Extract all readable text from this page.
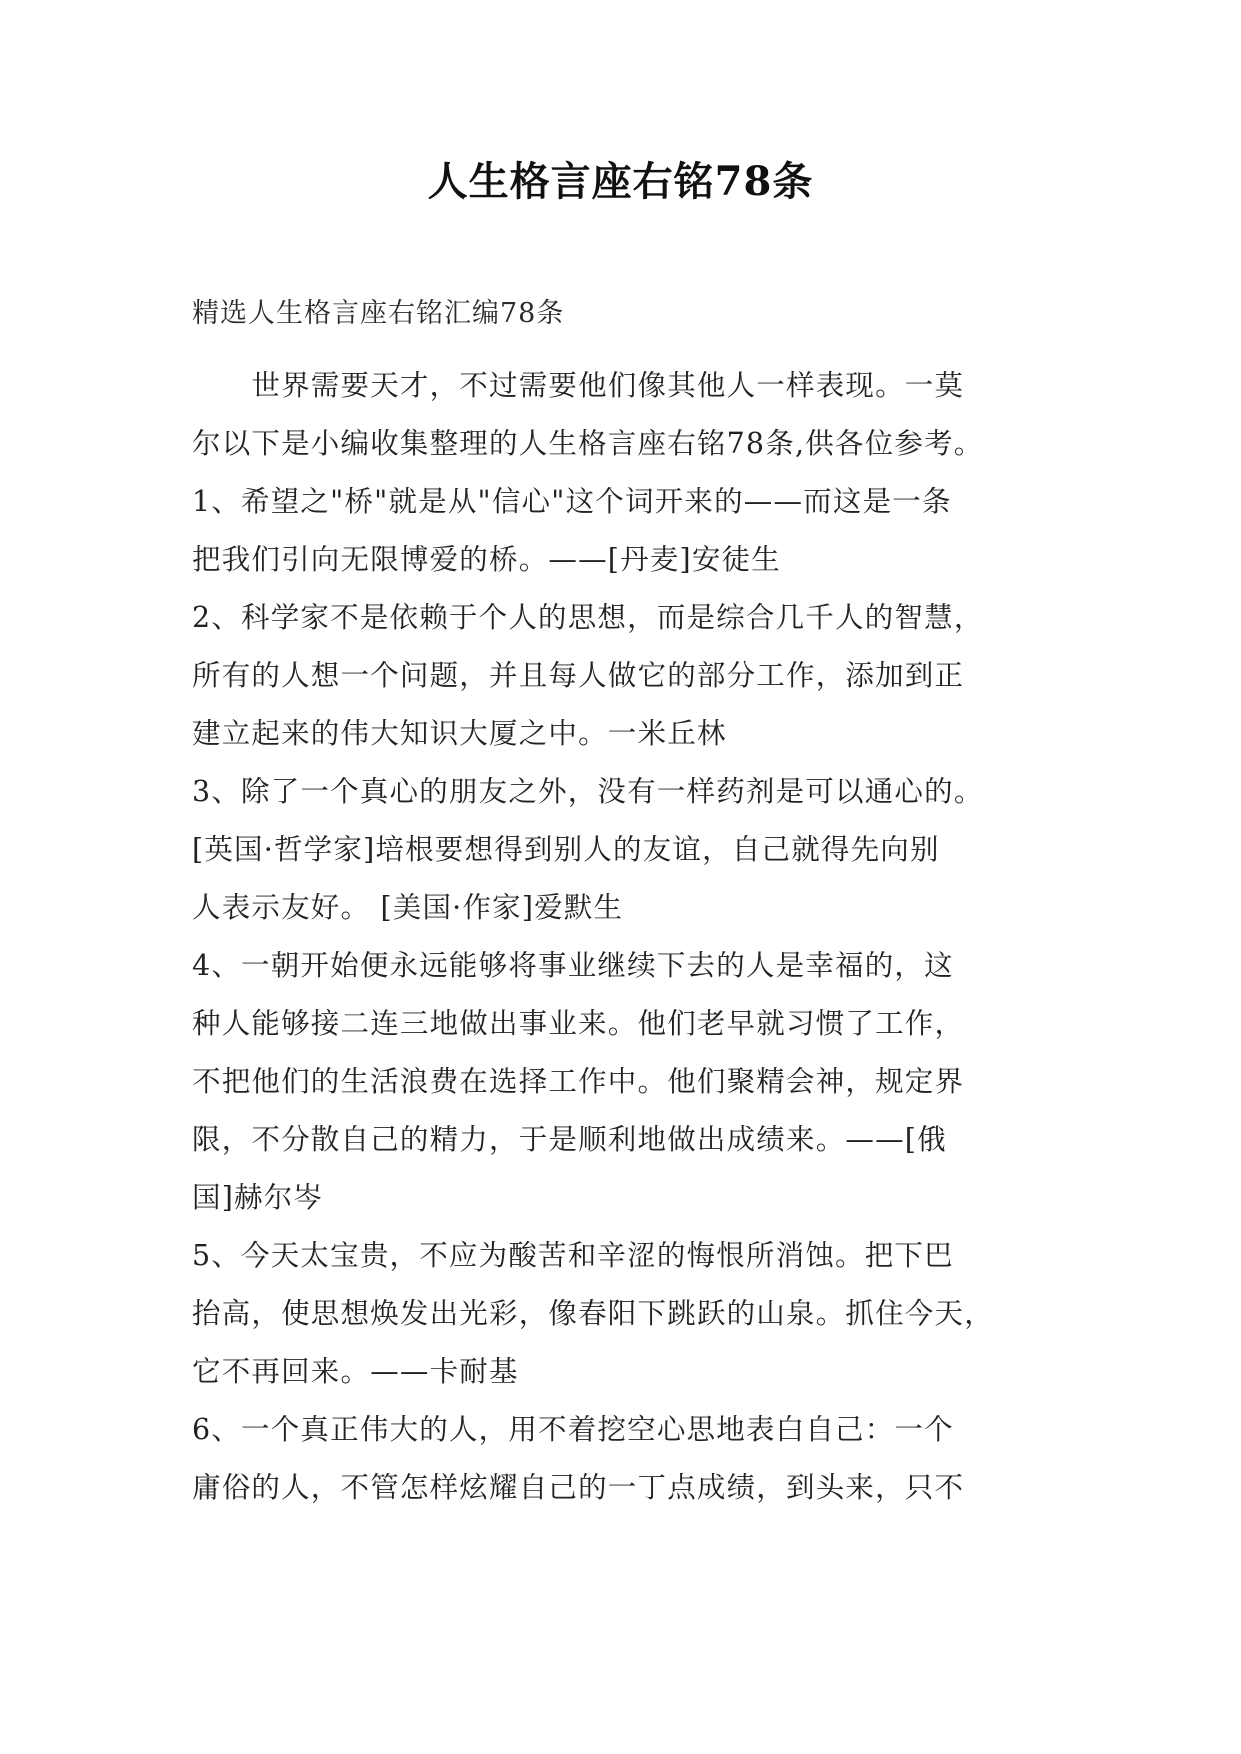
人生格言座右铭78条
精选人生格言座右铭汇编78条
　　世界需要天才，不过需要他们像其他人一样表现。一莫
尔以下是小编收集整理的人生格言座右铭78条,供各位参考。
1、希望之"桥"就是从"信心"这个词开来的——而这是一条
把我们引向无限博爱的桥。——[丹麦]安徒生
2、科学家不是依赖于个人的思想，而是综合几千人的智慧，
所有的人想一个问题，并且每人做它的部分工作，添加到正
建立起来的伟大知识大厦之中。一米丘林
3、除了一个真心的朋友之外，没有一样药剂是可以通心的。
[英国·哲学家]培根要想得到别人的友谊，自己就得先向别
人表示友好。 [美国·作家]爱默生
4、一朝开始便永远能够将事业继续下去的人是幸福的，这
种人能够接二连三地做出事业来。他们老早就习惯了工作，
不把他们的生活浪费在选择工作中。他们聚精会神，规定界
限，不分散自己的精力，于是顺利地做出成绩来。——[俄
国]赫尔岑
5、今天太宝贵，不应为酸苦和辛涩的悔恨所消蚀。把下巴
抬高，使思想焕发出光彩，像春阳下跳跃的山泉。抓住今天，
它不再回来。——卡耐基
6、一个真正伟大的人，用不着挖空心思地表白自己：一个
庸俗的人，不管怎样炫耀自己的一丁点成绩，到头来，只不
